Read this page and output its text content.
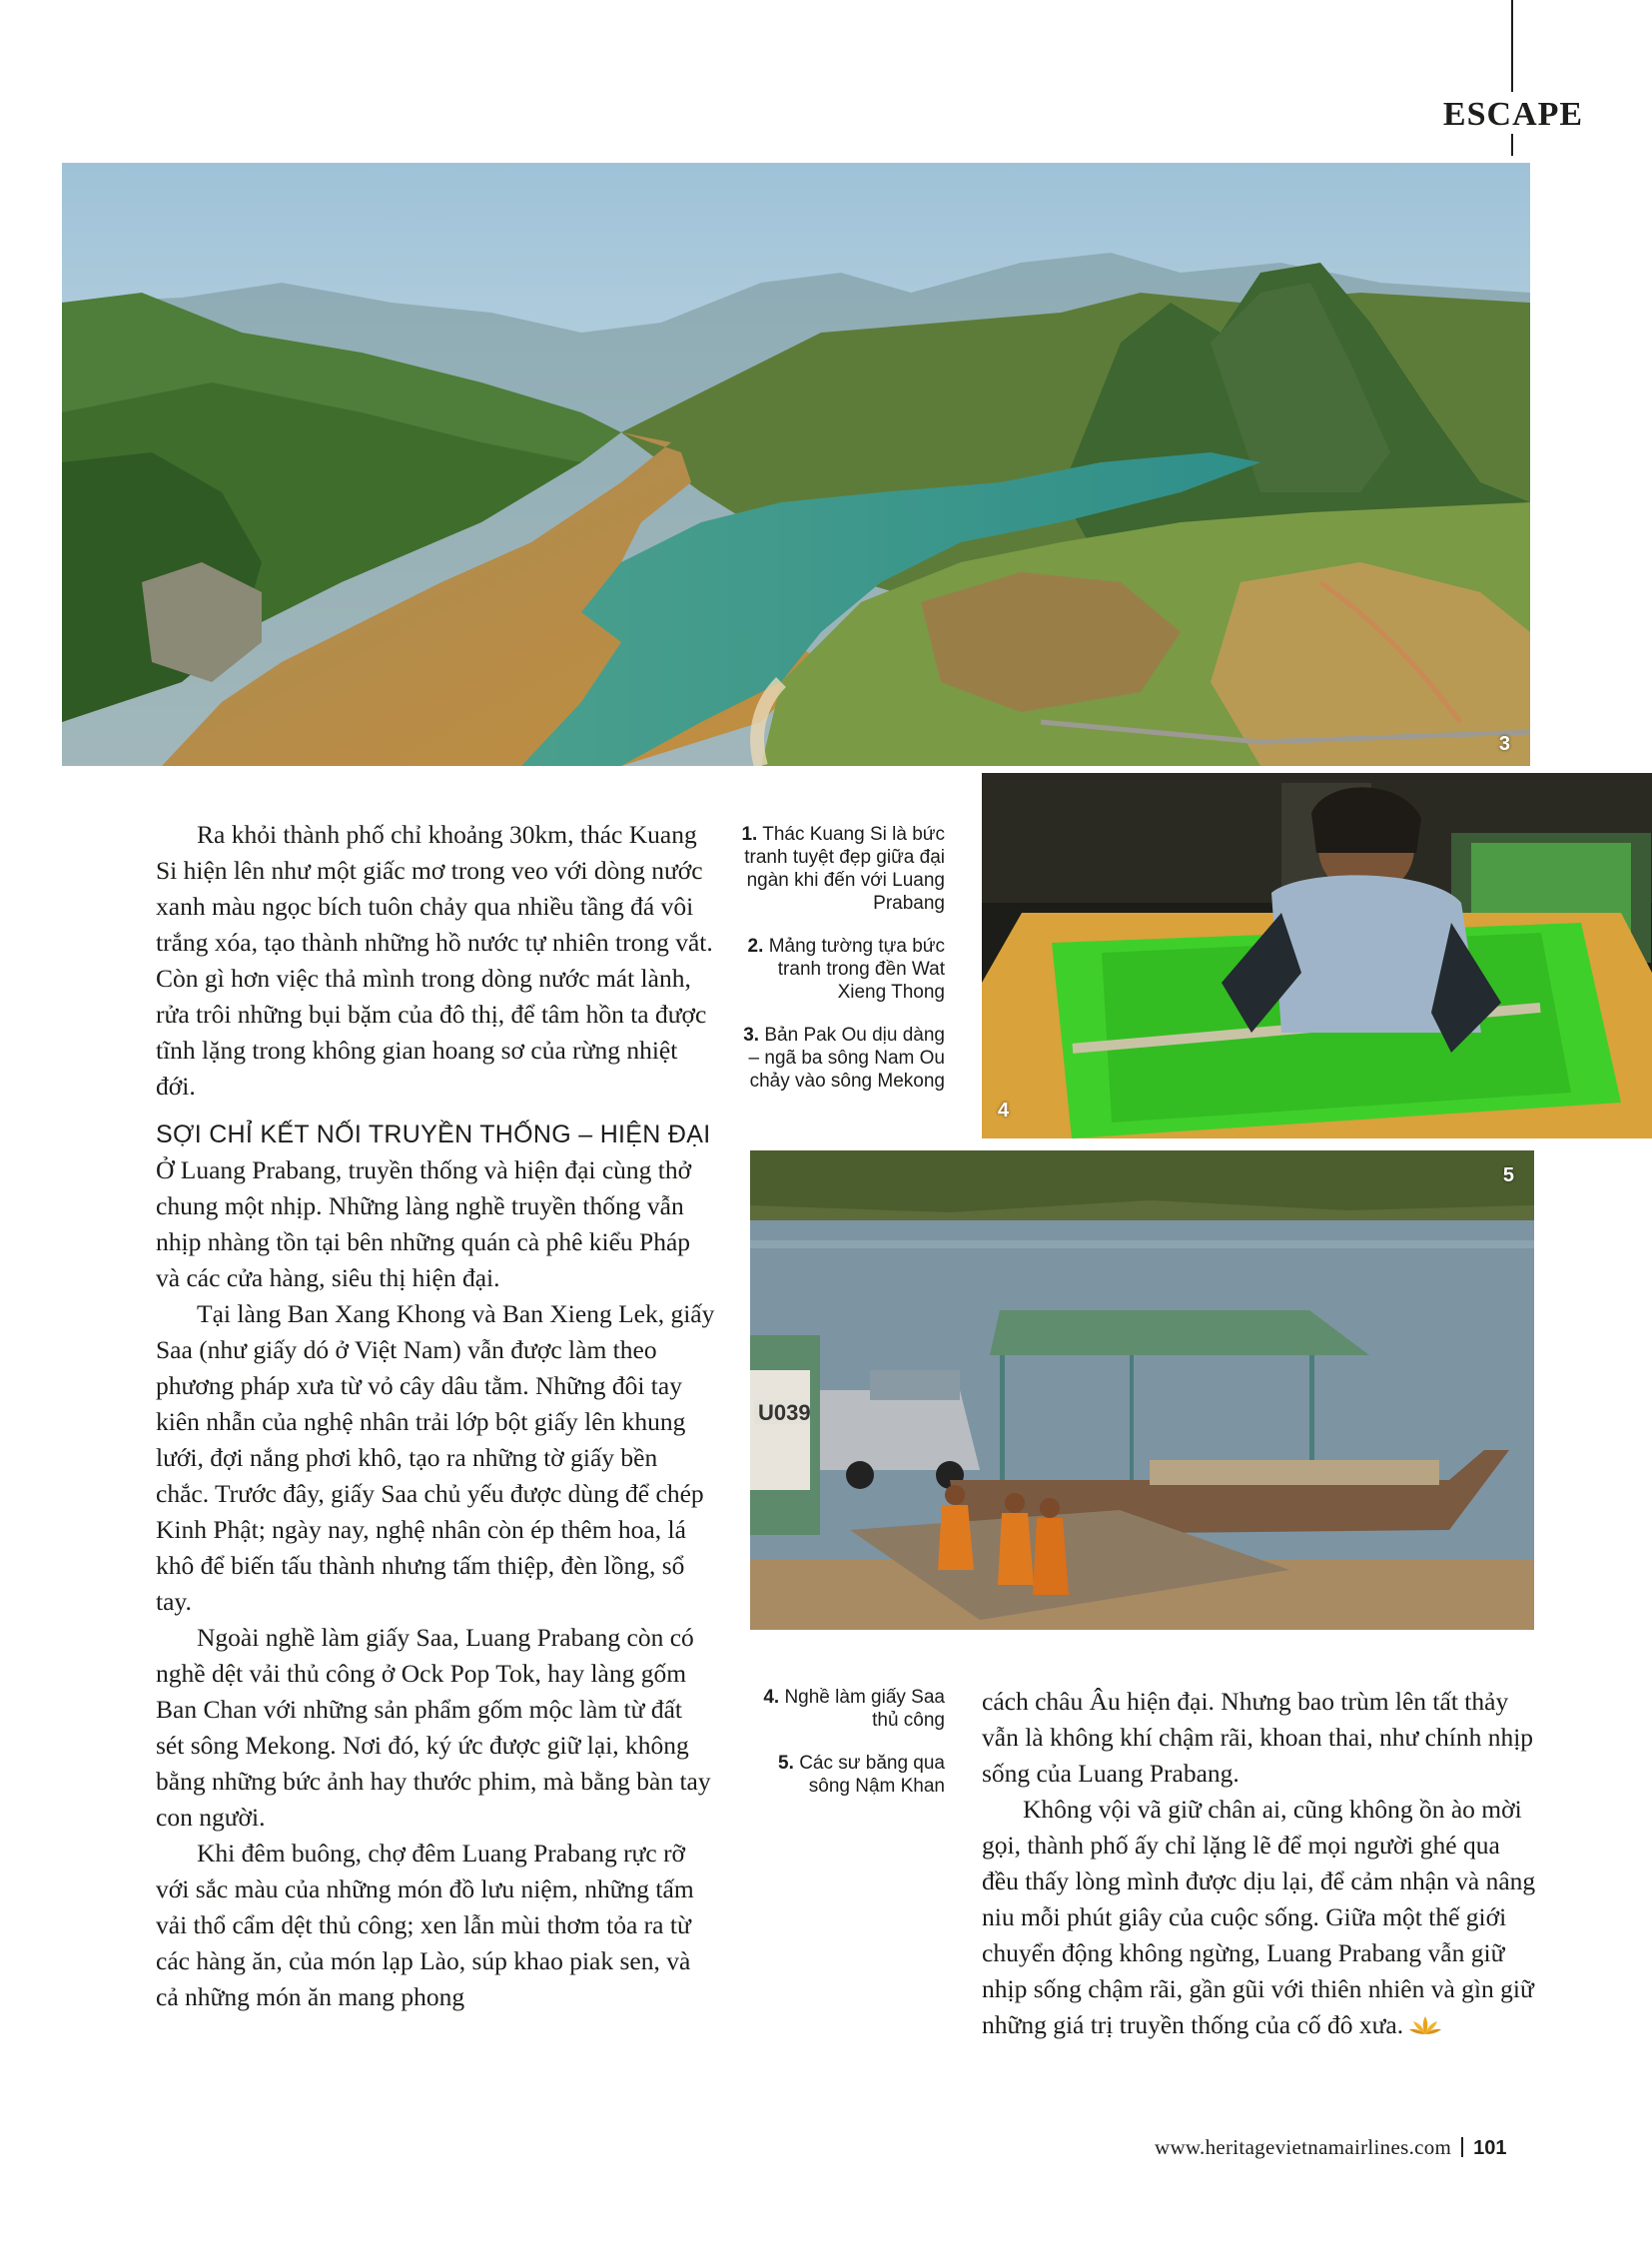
ESCAPE
3
4
U039
5

Ra khỏi thành phố chỉ khoảng 30km, thác Kuang Si hiện lên như một giấc mơ trong veo với dòng nước xanh màu ngọc bích tuôn chảy qua nhiều tầng đá vôi trắng xóa, tạo thành những hồ nước tự nhiên trong vắt. Còn gì hơn việc thả mình trong dòng nước mát lành, rửa trôi những bụi bặm của đô thị, để tâm hồn ta được tĩnh lặng trong không gian hoang sơ của rừng nhiệt đới.

SỢI CHỈ KẾT NỐI TRUYỀN THỐNG – HIỆN ĐẠI

Ở Luang Prabang, truyền thống và hiện đại cùng thở chung một nhịp. Những làng nghề truyền thống vẫn nhịp nhàng tồn tại bên những quán cà phê kiểu Pháp và các cửa hàng, siêu thị hiện đại.

Tại làng Ban Xang Khong và Ban Xieng Lek, giấy Saa (như giấy dó ở Việt Nam) vẫn được làm theo phương pháp xưa từ vỏ cây dâu tằm. Những đôi tay kiên nhẫn của nghệ nhân trải lớp bột giấy lên khung lưới, đợi nắng phơi khô, tạo ra những tờ giấy bền chắc. Trước đây, giấy Saa chủ yếu được dùng để chép Kinh Phật; ngày nay, nghệ nhân còn ép thêm hoa, lá khô để biến tấu thành nhưng tấm thiệp, đèn lồng, sổ tay.

Ngoài nghề làm giấy Saa, Luang Prabang còn có nghề dệt vải thủ công ở Ock Pop Tok, hay làng gốm Ban Chan với những sản phẩm gốm mộc làm từ đất sét sông Mekong. Nơi đó, ký ức được giữ lại, không bằng những bức ảnh hay thước phim, mà bằng bàn tay con người.

Khi đêm buông, chợ đêm Luang Prabang rực rỡ với sắc màu của những món đồ lưu niệm, những tấm vải thổ cẩm dệt thủ công; xen lẫn mùi thơm tỏa ra từ các hàng ăn, của món lạp Lào, súp khao piak sen, và cả những món ăn mang phong

1. Thác Kuang Si là bức tranh tuyệt đẹp giữa đại ngàn khi đến với Luang Prabang
2. Mảng tường tựa bức tranh trong đền Wat Xieng Thong
3. Bản Pak Ou dịu dàng – ngã ba sông Nam Ou chảy vào sông Mekong
4. Nghề làm giấy Saa thủ công
5. Các sư băng qua sông Nậm Khan

cách châu Âu hiện đại. Nhưng bao trùm lên tất thảy vẫn là không khí chậm rãi, khoan thai, như chính nhịp sống của Luang Prabang.

Không vội vã giữ chân ai, cũng không ồn ào mời gọi, thành phố ấy chỉ lặng lẽ để mọi người ghé qua đều thấy lòng mình được dịu lại, để cảm nhận và nâng niu mỗi phút giây của cuộc sống. Giữa một thế giới chuyển động không ngừng, Luang Prabang vẫn giữ nhịp sống chậm rãi, gần gũi với thiên nhiên và gìn giữ những giá trị truyền thống của cố đô xưa.

www.heritagevietnamairlines.com 101
